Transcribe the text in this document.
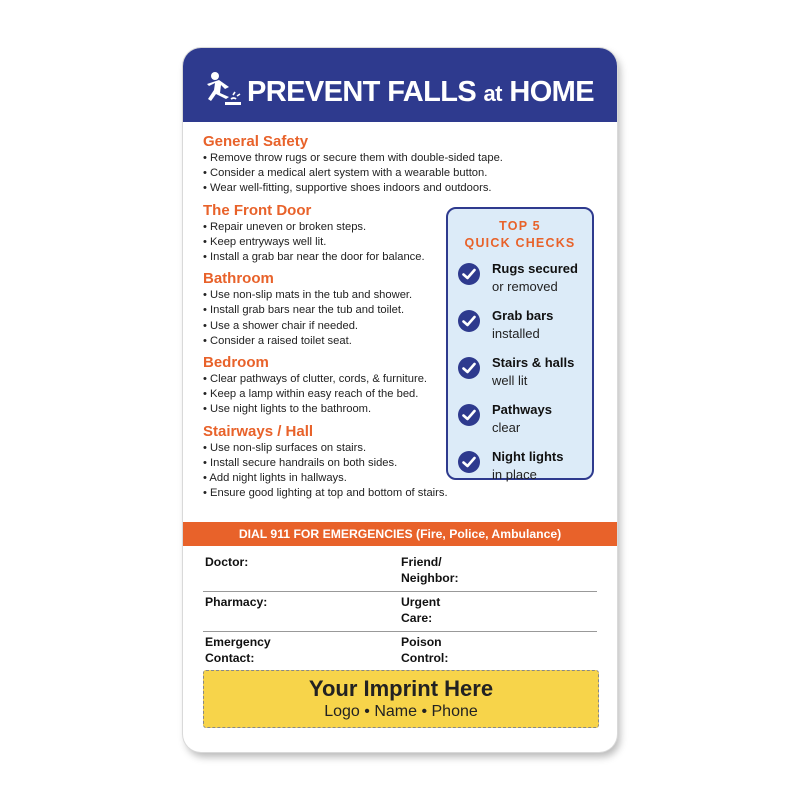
PREVENT FALLS at HOME
General Safety
• Remove throw rugs or secure them with double-sided tape.
• Consider a medical alert system with a wearable button.
• Wear well-fitting, supportive shoes indoors and outdoors.
The Front Door
• Repair uneven or broken steps.
• Keep entryways well lit.
• Install a grab bar near the door for balance.
Bathroom
• Use non-slip mats in the tub and shower.
• Install grab bars near the tub and toilet.
• Use a shower chair if needed.
• Consider a raised toilet seat.
Bedroom
• Clear pathways of clutter, cords, & furniture.
• Keep a lamp within easy reach of the bed.
• Use night lights to the bathroom.
Stairways / Hall
• Use non-slip surfaces on stairs.
• Install secure handrails on both sides.
• Add night lights in hallways.
• Ensure good lighting at top and bottom of stairs.
TOP 5
QUICK CHECKS
Rugs secured
or removed
Grab bars
installed
Stairs & halls
well lit
Pathways
clear
Night lights
in place
DIAL 911 FOR EMERGENCIES (Fire, Police, Ambulance)
Doctor:	Friend/
Neighbor:
Pharmacy:	Urgent
Care:
Emergency
Contact:
Poison
Control:
Your Imprint Here
Logo • Name • Phone
